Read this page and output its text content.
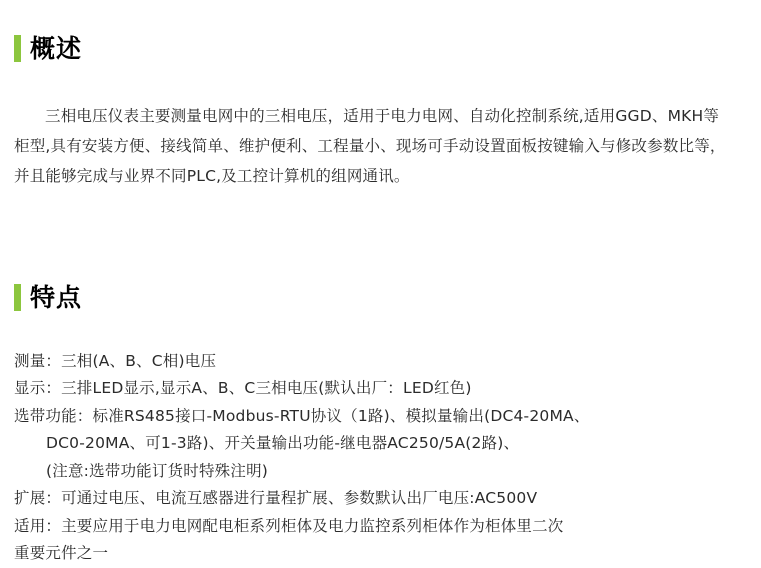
概述

三相电压仪表主要测量电网中的三相电压，适用于电力电网、自动化控制系统,适用GGD、MKH等柜型,具有安装方便、接线简单、维护便利、工程量小、现场可手动设置面板按键输入与修改参数比等，并且能够完成与业界不同PLC,及工控计算机的组网通讯。

特点
测量：三相(A、B、C相)电压
显示：三排LED显示,显示A、B、C三相电压(默认出厂：LED红色)
选带功能：标准RS485接口-Modbus-RTU协议（1路)、模拟量输出(DC4-20MA、
DC0-20MA、可1-3路)、开关量输出功能-继电器AC250/5A(2路)、
(注意:选带功能订货时特殊注明)
扩展：可通过电压、电流互感器进行量程扩展、参数默认出厂电压:AC500V
适用：主要应用于电力电网配电柜系列柜体及电力监控系列柜体作为柜体里二次
重要元件之一
